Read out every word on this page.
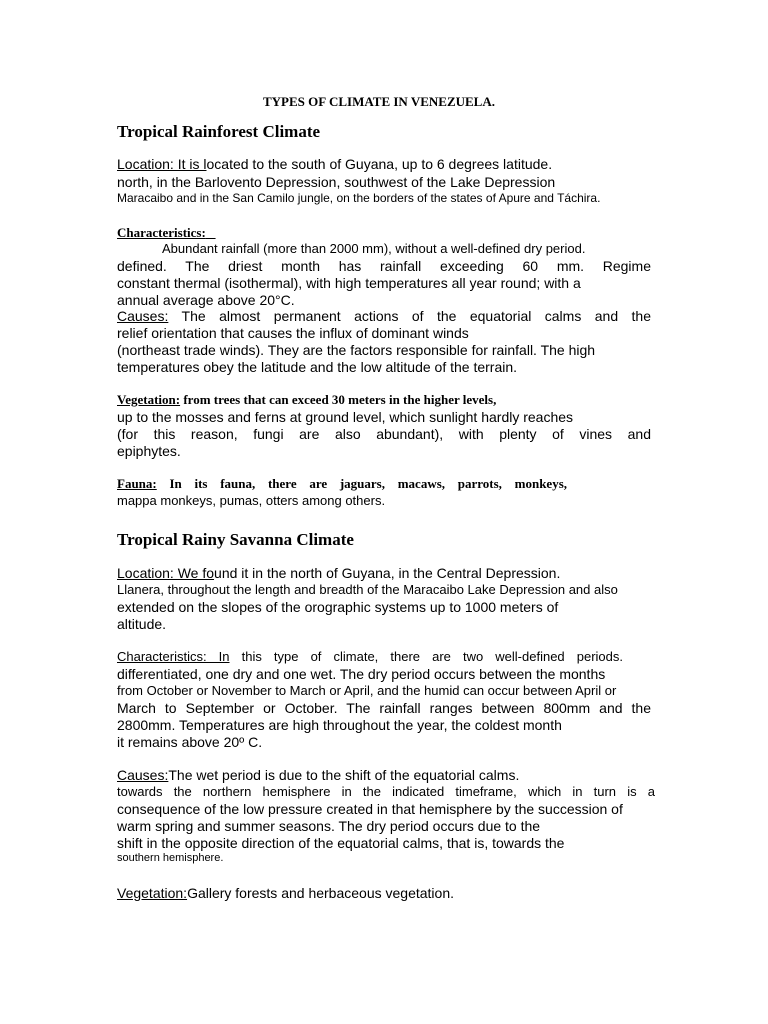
TYPES OF CLIMATE IN VENEZUELA.
Tropical Rainforest Climate
Location: It is located to the south of Guyana, up to 6 degrees latitude.
north, in the Barlovento Depression, southwest of the Lake Depression
Maracaibo and in the San Camilo jungle, on the borders of the states of Apure and Táchira.
Characteristics:
Abundant rainfall (more than 2000 mm), without a well-defined dry period.
defined. The driest month has rainfall exceeding 60 mm. Regime
constant thermal (isothermal), with high temperatures all year round; with a
annual average above 20°C.
Causes: The almost permanent actions of the equatorial calms and the
relief orientation that causes the influx of dominant winds
(northeast trade winds). They are the factors responsible for rainfall. The high
temperatures obey the latitude and the low altitude of the terrain.
Vegetation: from trees that can exceed 30 meters in the higher levels,
up to the mosses and ferns at ground level, which sunlight hardly reaches
(for this reason, fungi are also abundant), with plenty of vines and
epiphytes.
Fauna: In its fauna, there are jaguars, macaws, parrots, monkeys,
mappa monkeys, pumas, otters among others.
Tropical Rainy Savanna Climate
Location: We found it in the north of Guyana, in the Central Depression.
Llanera, throughout the length and breadth of the Maracaibo Lake Depression and also
extended on the slopes of the orographic systems up to 1000 meters of
altitude.
Characteristics: In this type of climate, there are two well-defined periods.
differentiated, one dry and one wet. The dry period occurs between the months
from October or November to March or April, and the humid can occur between April or
March to September or October. The rainfall ranges between 800mm and the
2800mm. Temperatures are high throughout the year, the coldest month
it remains above 20º C.
Causes:The wet period is due to the shift of the equatorial calms.
towards the northern hemisphere in the indicated timeframe, which in turn is a
consequence of the low pressure created in that hemisphere by the succession of
warm spring and summer seasons. The dry period occurs due to the
shift in the opposite direction of the equatorial calms, that is, towards the
southern hemisphere.
Vegetation:Gallery forests and herbaceous vegetation.
